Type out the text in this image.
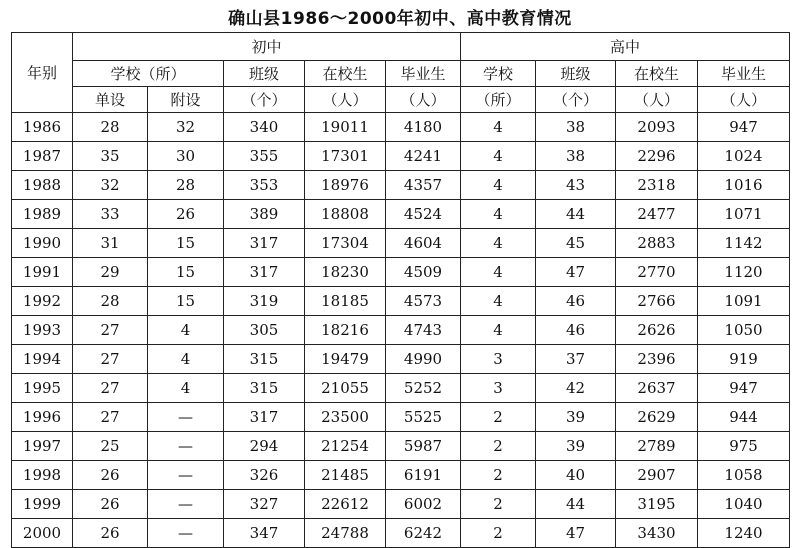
确山县1986～2000年初中、高中教育情况
年别	初中					高中			
	学校（所）		班级	在校生	毕业生	学校	班级	在校生	毕业生
	单设	附设	（个）	（人）	（人）	（所）	（个）	（人）	（人）
1986	28	32	340	19011	4180	4	38	2093	947
1987	35	30	355	17301	4241	4	38	2296	1024
1988	32	28	353	18976	4357	4	43	2318	1016
1989	33	26	389	18808	4524	4	44	2477	1071
1990	31	15	317	17304	4604	4	45	2883	1142
1991	29	15	317	18230	4509	4	47	2770	1120
1992	28	15	319	18185	4573	4	46	2766	1091
1993	27	4	305	18216	4743	4	46	2626	1050
1994	27	4	315	19479	4990	3	37	2396	919
1995	27	4	315	21055	5252	3	42	2637	947
1996	27	—	317	23500	5525	2	39	2629	944
1997	25	—	294	21254	5987	2	39	2789	975
1998	26	—	326	21485	6191	2	40	2907	1058
1999	26	—	327	22612	6002	2	44	3195	1040
2000	26	—	347	24788	6242	2	47	3430	1240
